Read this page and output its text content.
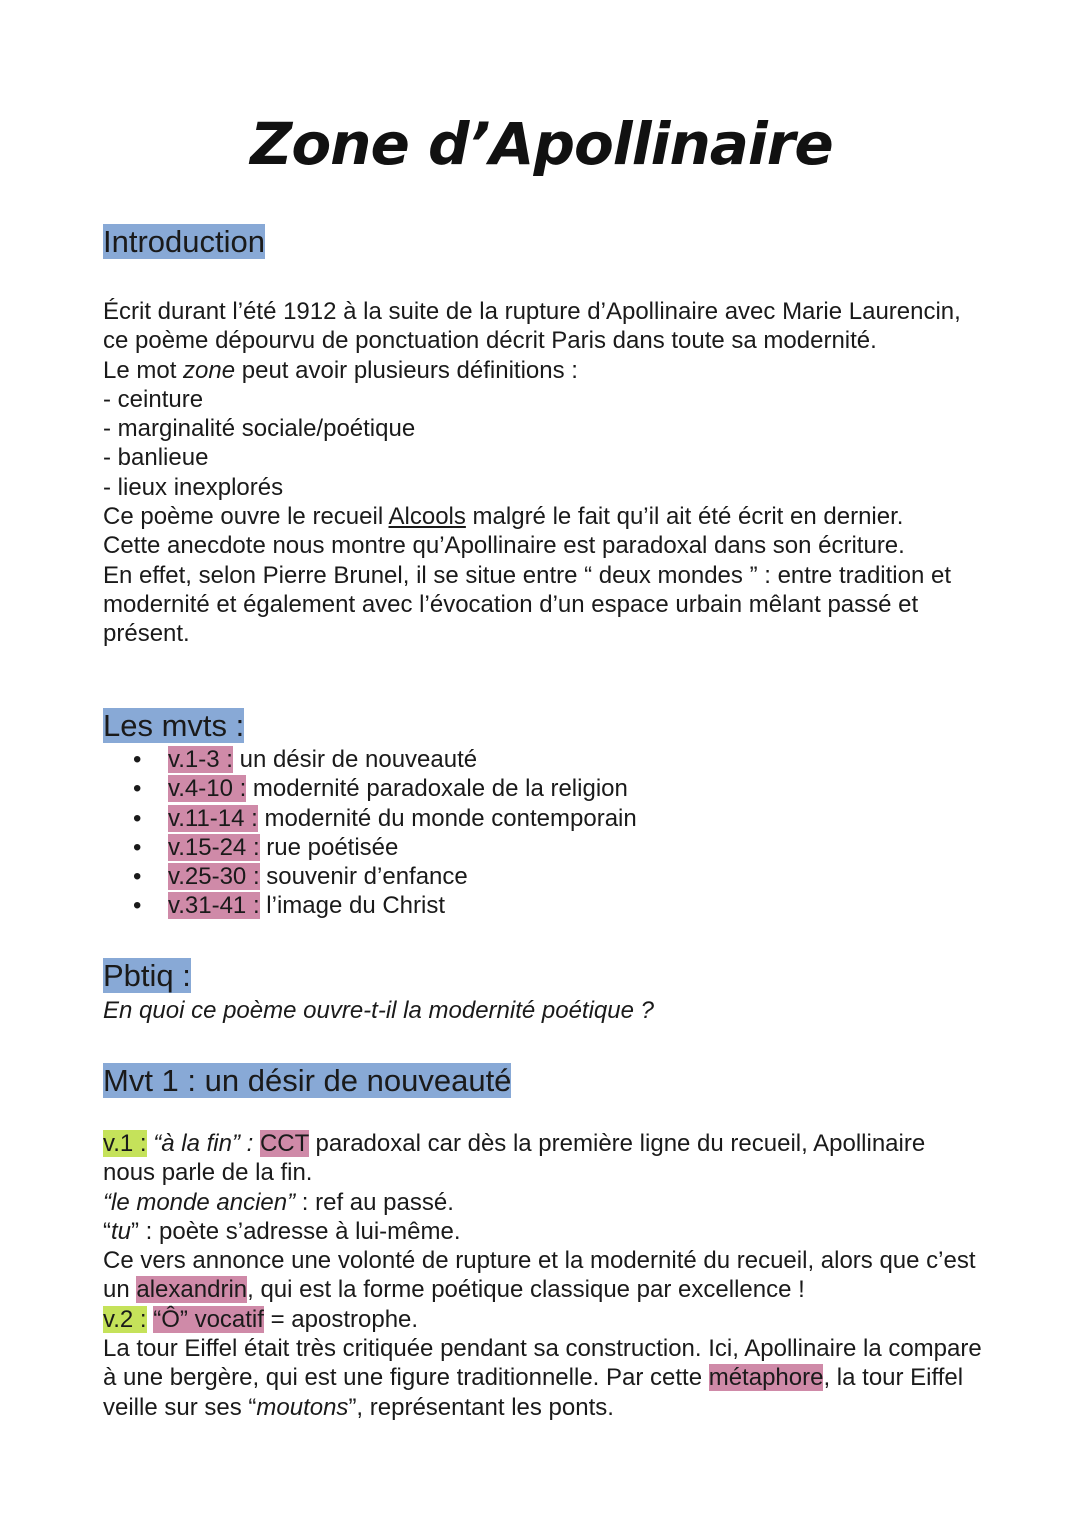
Zone d’Apollinaire
Introduction

Écrit durant l’été 1912 à la suite de la rupture d’Apollinaire avec Marie Laurencin, ce poème dépourvu de ponctuation décrit Paris dans toute sa modernité.

Le mot zone peut avoir plusieurs définitions :

- ceinture

- marginalité sociale/poétique

- banlieue

- lieux inexplorés

Ce poème ouvre le recueil Alcools malgré le fait qu’il ait été écrit en dernier.

Cette anecdote nous montre qu’Apollinaire est paradoxal dans son écriture.

En effet, selon Pierre Brunel, il se situe entre “ deux mondes ” : entre tradition et modernité et également avec l’évocation d’un espace urbain mêlant passé et présent.

Les mvts :
• v.1-3 : un désir de nouveauté
• v.4-10 : modernité paradoxale de la religion
• v.11-14 : modernité du monde contemporain
• v.15-24 : rue poétisée
• v.25-30 : souvenir d’enfance
• v.31-41 : l’image du Christ
Pbtiq :

En quoi ce poème ouvre-t-il la modernité poétique ?

Mvt 1 : un désir de nouveauté

v.1 : “à la fin” : CCT paradoxal car dès la première ligne du recueil, Apollinaire nous parle de la fin.

“le monde ancien” : ref au passé.

“tu” : poète s’adresse à lui-même.

Ce vers annonce une volonté de rupture et la modernité du recueil, alors que c’est un alexandrin, qui est la forme poétique classique par excellence !

v.2 : “Ô” vocatif = apostrophe.

La tour Eiffel était très critiquée pendant sa construction. Ici, Apollinaire la compare à une bergère, qui est une figure traditionnelle. Par cette métaphore, la tour Eiffel veille sur ses “moutons”, représentant les ponts.
